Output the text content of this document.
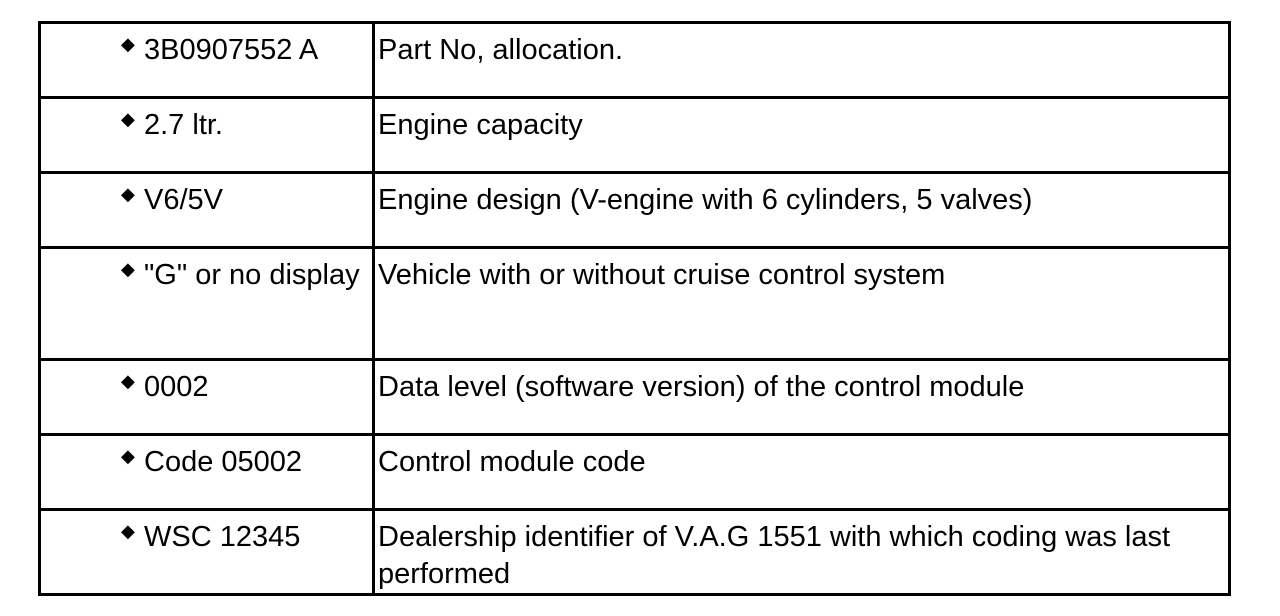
◆ 3B0907552 A	Part No, allocation.

◆ 2.7 ltr.	Engine capacity

◆ V6/5V	Engine design (V-engine with 6 cylinders, 5 valves)

◆ "G" or no display	Vehicle with or without cruise control system

◆ 0002	Data level (software version) of the control module

◆ Code 05002	Control module code

◆ WSC 12345	Dealership identifier of V.A.G 1551 with which coding was last performed
